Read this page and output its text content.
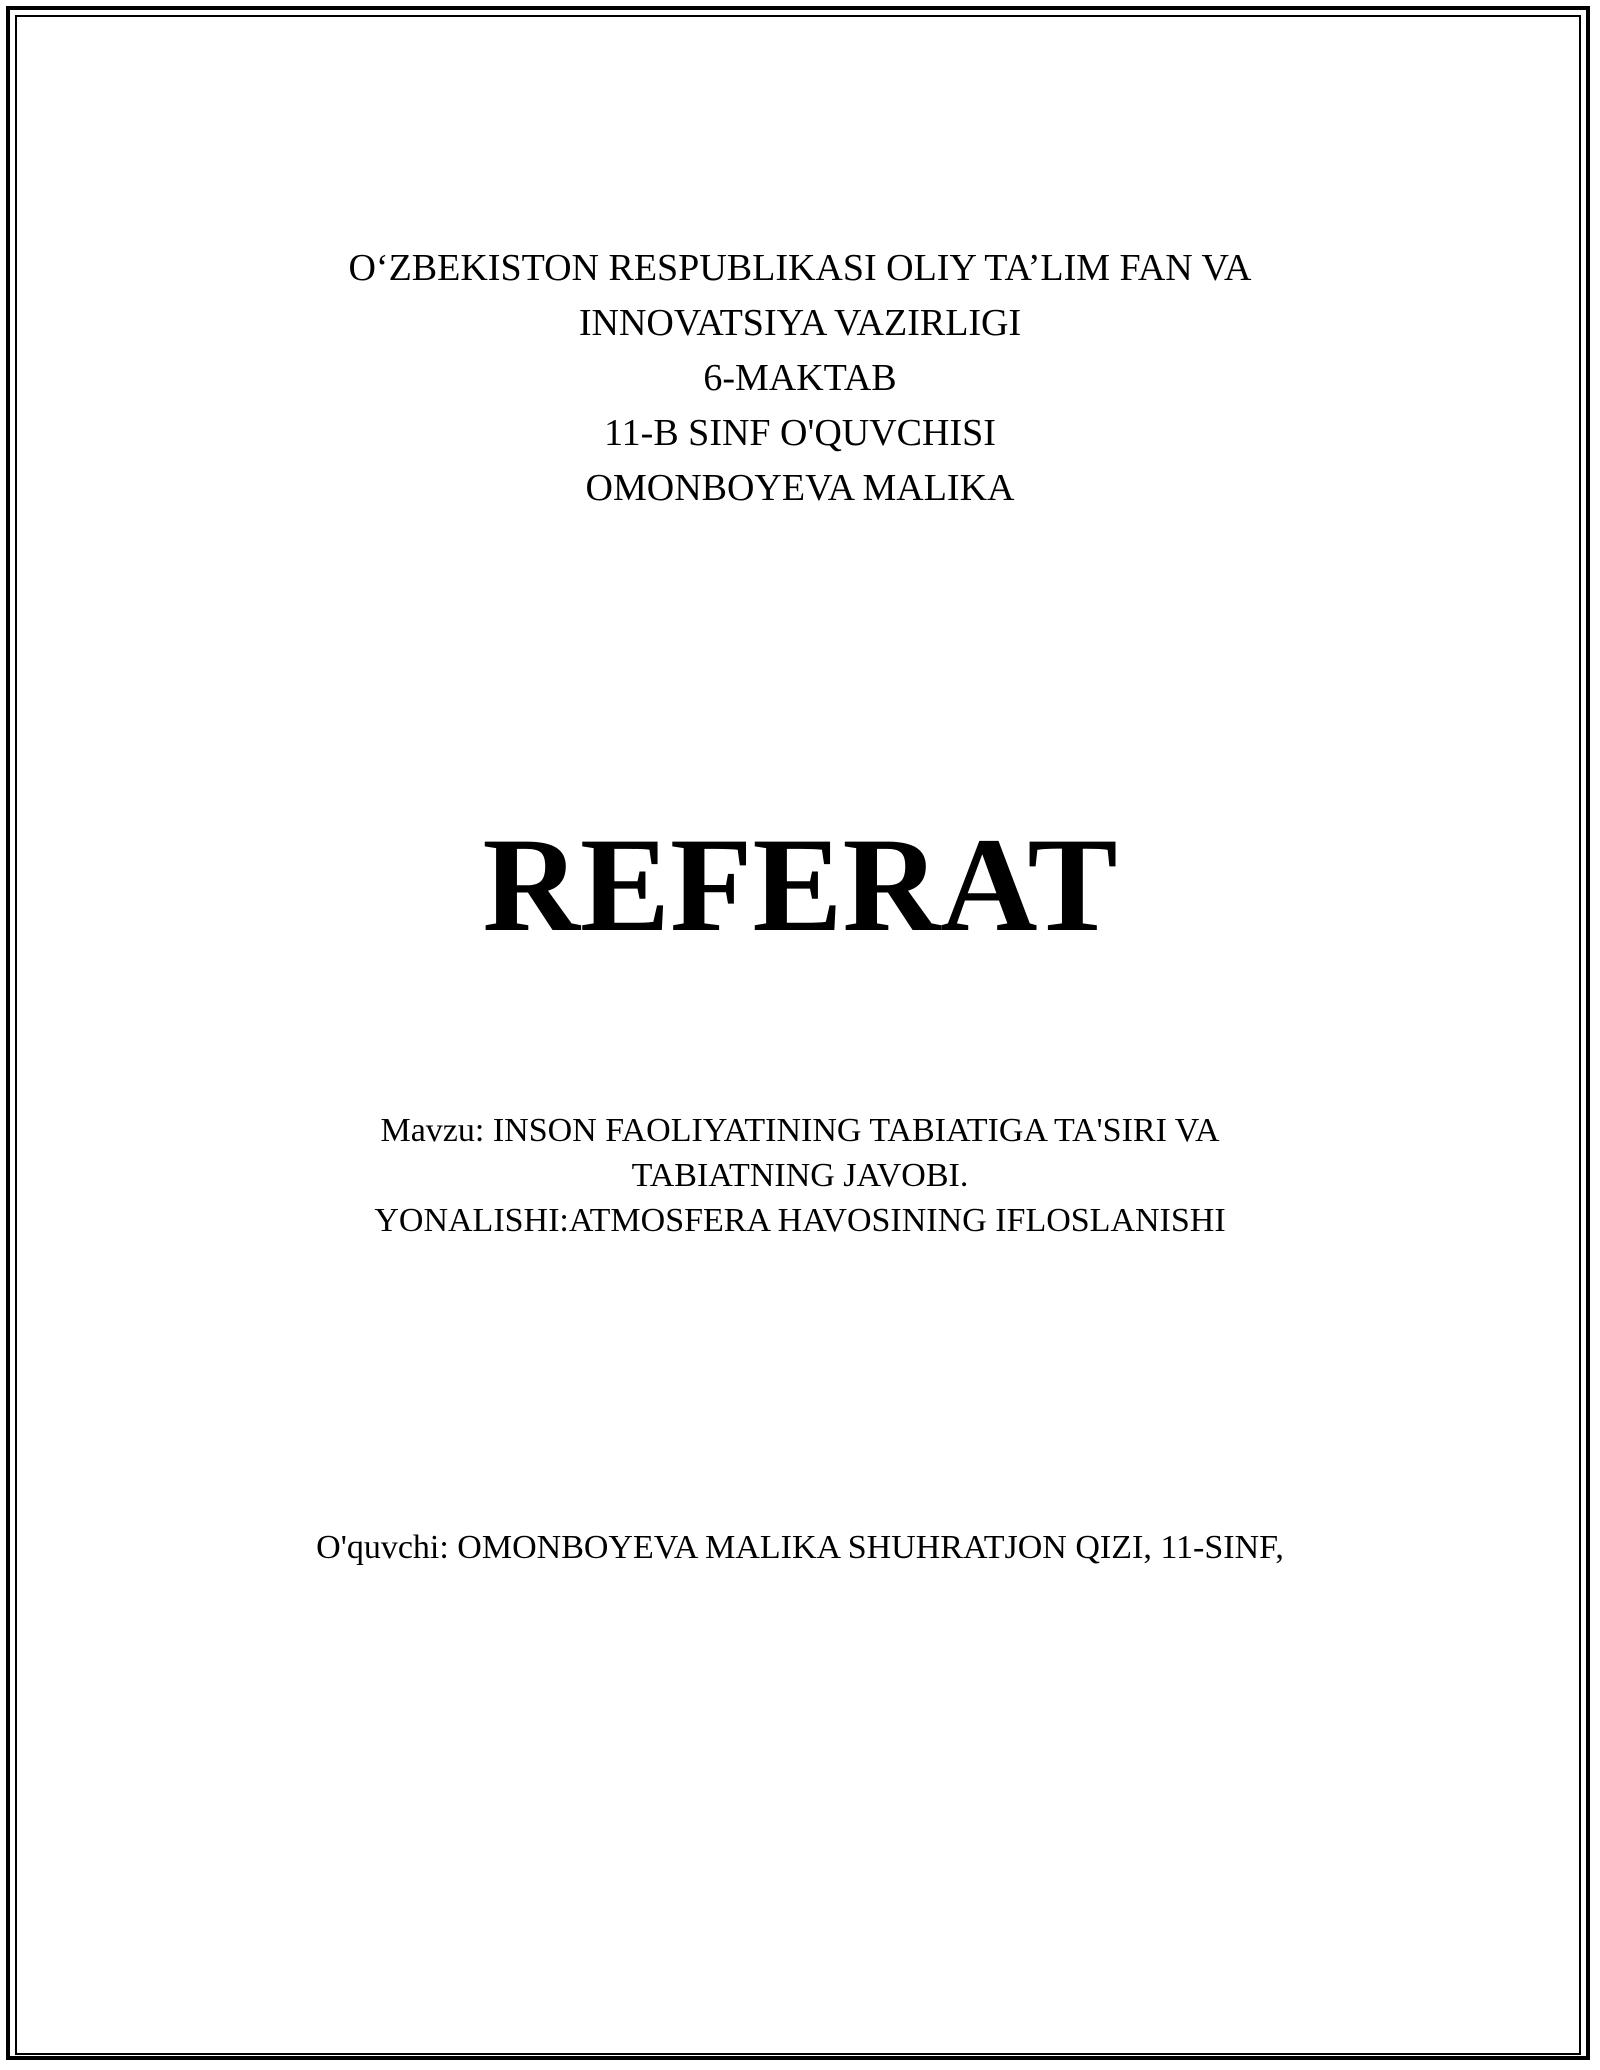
O‘ZBEKISTON RESPUBLIKASI OLIY TA’LIM FAN VA
INNOVATSIYA VAZIRLIGI
6-MAKTAB
11-B SINF O'QUVCHISI
OMONBOYEVA MALIKA
REFERAT
Mavzu: INSON FAOLIYATINING TABIATIGA TA'SIRI VA
TABIATNING JAVOBI.
YONALISHI:ATMOSFERA HAVOSINING IFLOSLANISHI
O'quvchi: OMONBOYEVA MALIKA SHUHRATJON QIZI, 11-SINF,
